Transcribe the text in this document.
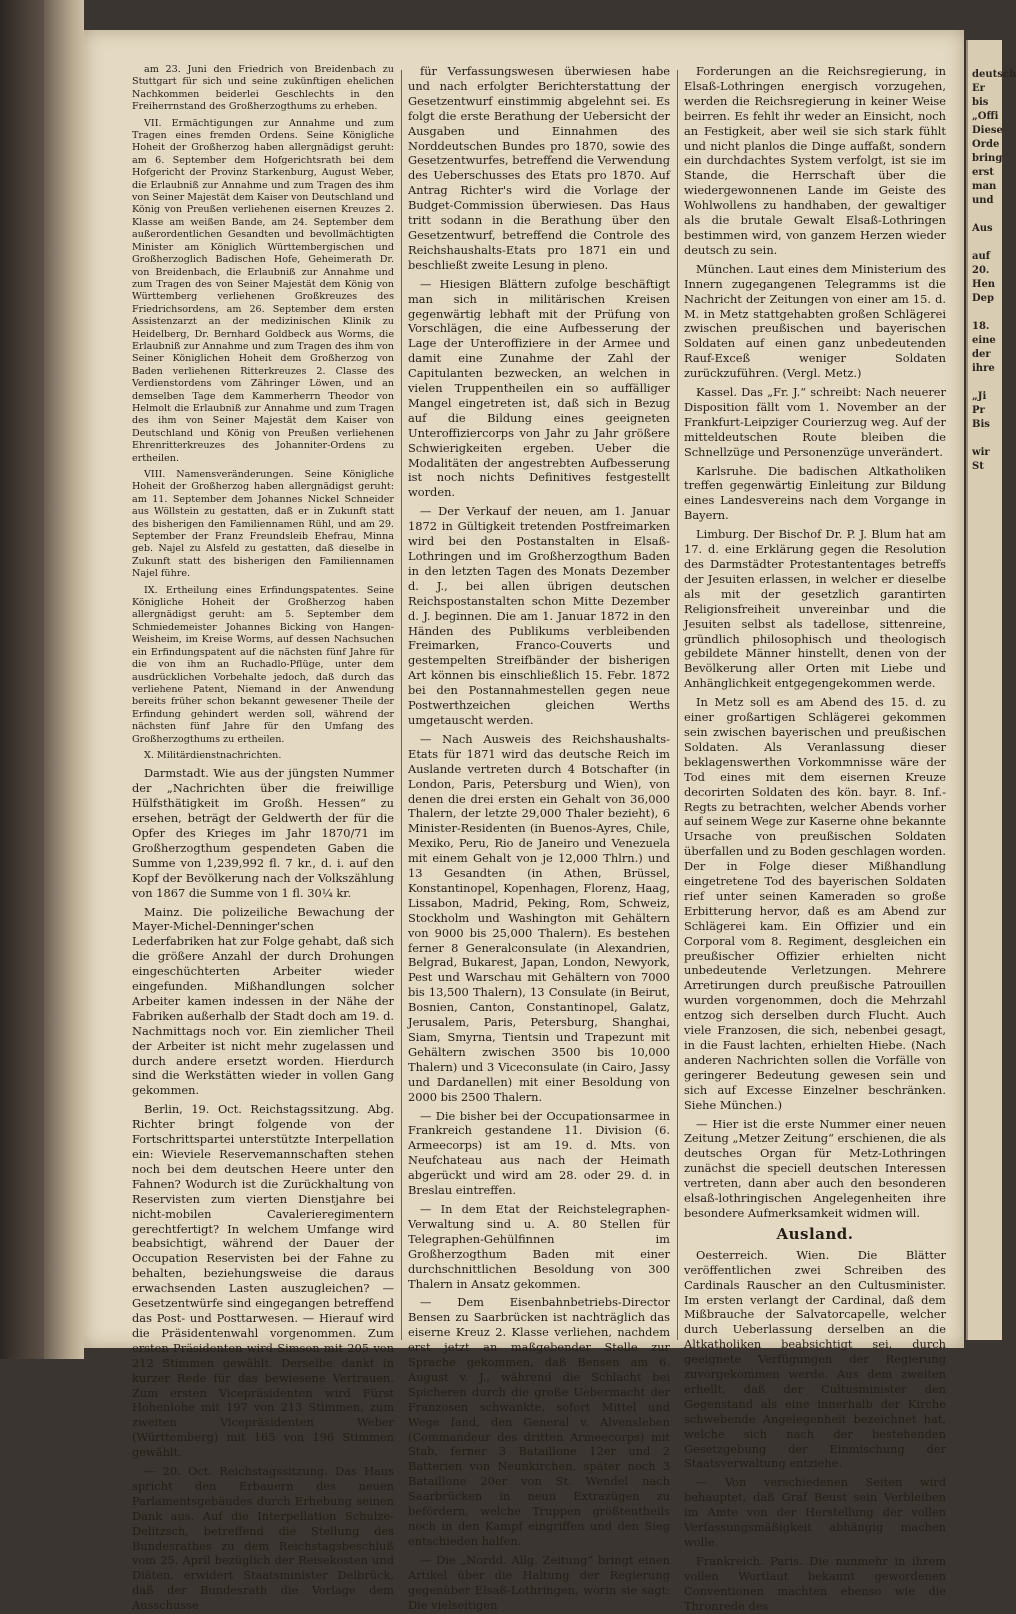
am 23. Juni den Friedrich von Breidenbach zu Stuttgart für sich und seine zukünftigen ehelichen Nachkommen beiderlei Geschlechts in den Freiherrnstand des Großherzogthums zu erheben.

VII. Ermächtigungen zur Annahme und zum Tragen eines fremden Ordens. Seine Königliche Hoheit der Großherzog haben allergnädigst geruht: am 6. September dem Hofgerichtsrath bei dem Hofgericht der Provinz Starkenburg, August Weber, die Erlaubniß zur Annahme und zum Tragen des ihm von Seiner Majestät dem Kaiser von Deutschland und König von Preußen verliehenen eisernen Kreuzes 2. Klasse am weißen Bande, am 24. September dem außerordentlichen Gesandten und bevollmächtigten Minister am Königlich Württembergischen und Großherzoglich Badischen Hofe, Geheimerath Dr. von Breidenbach, die Erlaubniß zur Annahme und zum Tragen des von Seiner Majestät dem König von Württemberg verliehenen Großkreuzes des Friedrichsordens, am 26. September dem ersten Assistenzarzt an der medizinischen Klinik zu Heidelberg, Dr. Bernhard Goldbeck aus Worms, die Erlaubniß zur Annahme und zum Tragen des ihm von Seiner Königlichen Hoheit dem Großherzog von Baden verliehenen Ritterkreuzes 2. Classe des Verdienstordens vom Zähringer Löwen, und an demselben Tage dem Kammerherrn Theodor von Helmolt die Erlaubniß zur Annahme und zum Tragen des ihm von Seiner Majestät dem Kaiser von Deutschland und König von Preußen verliehenen Ehrenritterkreuzes des Johanniter-Ordens zu ertheilen.

VIII. Namensveränderungen. Seine Königliche Hoheit der Großherzog haben allergnädigst geruht: am 11. September dem Johannes Nickel Schneider aus Wöllstein zu gestatten, daß er in Zukunft statt des bisherigen den Familiennamen Rühl, und am 29. September der Franz Freundsleib Ehefrau, Minna geb. Najel zu Alsfeld zu gestatten, daß dieselbe in Zukunft statt des bisherigen den Familiennamen Najel führe.

IX. Ertheilung eines Erfindungspatentes. Seine Königliche Hoheit der Großherzog haben allergnädigst geruht: am 5. September dem Schmiedemeister Johannes Bicking von Hangen-Weisheim, im Kreise Worms, auf dessen Nachsuchen ein Erfindungspatent auf die nächsten fünf Jahre für die von ihm an Ruchadlo-Pflüge, unter dem ausdrücklichen Vorbehalte jedoch, daß durch das verliehene Patent, Niemand in der Anwendung bereits früher schon bekannt gewesener Theile der Erfindung gehindert werden soll, während der nächsten fünf Jahre für den Umfang des Großherzogthums zu ertheilen.

X. Militärdienstnachrichten.

Darmstadt. Wie aus der jüngsten Nummer der „Nachrichten über die freiwillige Hülfsthätigkeit im Großh. Hessen“ zu ersehen, beträgt der Geldwerth der für die Opfer des Krieges im Jahr 1870/71 im Großherzogthum gespendeten Gaben die Summe von 1,239,992 fl. 7 kr., d. i. auf den Kopf der Bevölkerung nach der Volkszählung von 1867 die Summe von 1 fl. 30¼ kr.

Mainz. Die polizeiliche Bewachung der Mayer-Michel-Denninger'schen Lederfabriken hat zur Folge gehabt, daß sich die größere Anzahl der durch Drohungen eingeschüchterten Arbeiter wieder eingefunden. Mißhandlungen solcher Arbeiter kamen indessen in der Nähe der Fabriken außerhalb der Stadt doch am 19. d. Nachmittags noch vor. Ein ziemlicher Theil der Arbeiter ist nicht mehr zugelassen und durch andere ersetzt worden. Hierdurch sind die Werkstätten wieder in vollen Gang gekommen.

Berlin, 19. Oct. Reichstagssitzung. Abg. Richter bringt folgende von der Fortschrittspartei unterstützte Interpellation ein: Wieviele Reservemannschaften stehen noch bei dem deutschen Heere unter den Fahnen? Wodurch ist die Zurückhaltung von Reservisten zum vierten Dienstjahre bei nicht-mobilen Cavalerieregimentern gerechtfertigt? In welchem Umfange wird beabsichtigt, während der Dauer der Occupation Reservisten bei der Fahne zu behalten, beziehungsweise die daraus erwachsenden Lasten auszugleichen? — Gesetzentwürfe sind eingegangen betreffend das Post- und Posttarwesen. — Hierauf wird die Präsidentenwahl vorgenommen. Zum ersten Präsidenten wird Simson mit 205 von 212 Stimmen gewählt. Derselbe dankt in kurzer Rede für das bewiesene Vertrauen. Zum ersten Vicepräsidenten wird Fürst Hohenlohe mit 197 von 213 Stimmen, zum zweiten Vicepräsidenten Weber (Württemberg) mit 165 von 196 Stimmen gewählt.

— 20. Oct. Reichstagssitzung. Das Haus spricht den Erbauern des neuen Parlamentsgebäudes durch Erhebung seinen Dank aus. Auf die Interpellation Schulze-Delitzsch, betreffend die Stellung des Bundesrathes zu dem Reichstagsbeschluß vom 25. April bezüglich der Reisekosten und Diäten, erwidert Staatsminister Delbrück, daß der Bundesrath die Vorlage dem Ausschusse

für Verfassungswesen überwiesen habe und nach erfolgter Berichterstattung der Gesetzentwurf einstimmig abgelehnt sei. Es folgt die erste Berathung der Uebersicht der Ausgaben und Einnahmen des Norddeutschen Bundes pro 1870, sowie des Gesetzentwurfes, betreffend die Verwendung des Ueberschusses des Etats pro 1870. Auf Antrag Richter's wird die Vorlage der Budget-Commission überwiesen. Das Haus tritt sodann in die Berathung über den Gesetzentwurf, betreffend die Controle des Reichshaushalts-Etats pro 1871 ein und beschließt zweite Lesung in pleno.

— Hiesigen Blättern zufolge beschäftigt man sich in militärischen Kreisen gegenwärtig lebhaft mit der Prüfung von Vorschlägen, die eine Aufbesserung der Lage der Unteroffiziere in der Armee und damit eine Zunahme der Zahl der Capitulanten bezwecken, an welchen in vielen Truppentheilen ein so auffälliger Mangel eingetreten ist, daß sich in Bezug auf die Bildung eines geeigneten Unteroffiziercorps von Jahr zu Jahr größere Schwierigkeiten ergeben. Ueber die Modalitäten der angestrebten Aufbesserung ist noch nichts Definitives festgestellt worden.

— Der Verkauf der neuen, am 1. Januar 1872 in Gültigkeit tretenden Postfreimarken wird bei den Postanstalten in Elsaß-Lothringen und im Großherzogthum Baden in den letzten Tagen des Monats Dezember d. J., bei allen übrigen deutschen Reichspostanstalten schon Mitte Dezember d. J. beginnen. Die am 1. Januar 1872 in den Händen des Publikums verbleibenden Freimarken, Franco-Couverts und gestempelten Streifbänder der bisherigen Art können bis einschließlich 15. Febr. 1872 bei den Postannahmestellen gegen neue Postwerthzeichen gleichen Werths umgetauscht werden.

— Nach Ausweis des Reichshaushalts-Etats für 1871 wird das deutsche Reich im Auslande vertreten durch 4 Botschafter (in London, Paris, Petersburg und Wien), von denen die drei ersten ein Gehalt von 36,000 Thalern, der letzte 29,000 Thaler bezieht), 6 Minister-Residenten (in Buenos-Ayres, Chile, Mexiko, Peru, Rio de Janeiro und Venezuela mit einem Gehalt von je 12,000 Thlrn.) und 13 Gesandten (in Athen, Brüssel, Konstantinopel, Kopenhagen, Florenz, Haag, Lissabon, Madrid, Peking, Rom, Schweiz, Stockholm und Washington mit Gehältern von 9000 bis 25,000 Thalern). Es bestehen ferner 8 Generalconsulate (in Alexandrien, Belgrad, Bukarest, Japan, London, Newyork, Pest und Warschau mit Gehältern von 7000 bis 13,500 Thalern), 13 Consulate (in Beirut, Bosnien, Canton, Constantinopel, Galatz, Jerusalem, Paris, Petersburg, Shanghai, Siam, Smyrna, Tientsin und Trapezunt mit Gehältern zwischen 3500 bis 10,000 Thalern) und 3 Viceconsulate (in Cairo, Jassy und Dardanellen) mit einer Besoldung von 2000 bis 2500 Thalern.

— Die bisher bei der Occupationsarmee in Frankreich gestandene 11. Division (6. Armeecorps) ist am 19. d. Mts. von Neufchateau aus nach der Heimath abgerückt und wird am 28. oder 29. d. in Breslau eintreffen.

— In dem Etat der Reichstelegraphen-Verwaltung sind u. A. 80 Stellen für Telegraphen-Gehülfinnen im Großherzogthum Baden mit einer durchschnittlichen Besoldung von 300 Thalern in Ansatz gekommen.

— Dem Eisenbahnbetriebs-Director Bensen zu Saarbrücken ist nachträglich das eiserne Kreuz 2. Klasse verliehen, nachdem erst jetzt an maßgebender Stelle zur Sprache gekommen, daß Bensen am 6. August v. J., während die Schlacht bei Spicheren durch die große Uebermacht der Franzosen schwankte, sofort Mittel und Wege fand, den General v. Alvensleben (Commandeur des dritten Armeecorps) mit Stab, ferner 3 Bataillone 12er und 2 Batterien von Neunkirchen, später noch 3 Bataillone 20er von St. Wendel nach Saarbrücken in neun Extrazügen zu befördern, welche Truppen größtentheils noch in den Kampf eingriffen und den Sieg entschieden halfen.

— Die „Nordd. Allg. Zeitung“ bringt einen Artikel über die Haltung der Regierung gegenüber Elsaß-Lothringen, worin sie sagt: Die vielseitigen

Forderungen an die Reichsregierung, in Elsaß-Lothringen energisch vorzugehen, werden die Reichsregierung in keiner Weise beirren. Es fehlt ihr weder an Einsicht, noch an Festigkeit, aber weil sie sich stark fühlt und nicht planlos die Dinge auffaßt, sondern ein durchdachtes System verfolgt, ist sie im Stande, die Herrschaft über die wiedergewonnenen Lande im Geiste des Wohlwollens zu handhaben, der gewaltiger als die brutale Gewalt Elsaß-Lothringen bestimmen wird, von ganzem Herzen wieder deutsch zu sein.

München. Laut eines dem Ministerium des Innern zugegangenen Telegramms ist die Nachricht der Zeitungen von einer am 15. d. M. in Metz stattgehabten großen Schlägerei zwischen preußischen und bayerischen Soldaten auf einen ganz unbedeutenden Rauf-Exceß weniger Soldaten zurückzuführen. (Vergl. Metz.)

Kassel. Das „Fr. J.“ schreibt: Nach neuerer Disposition fällt vom 1. November an der Frankfurt-Leipziger Courierzug weg. Auf der mitteldeutschen Route bleiben die Schnellzüge und Personenzüge unverändert.

Karlsruhe. Die badischen Altkatholiken treffen gegenwärtig Einleitung zur Bildung eines Landesvereins nach dem Vorgange in Bayern.

Limburg. Der Bischof Dr. P. J. Blum hat am 17. d. eine Erklärung gegen die Resolution des Darmstädter Protestantentages betreffs der Jesuiten erlassen, in welcher er dieselbe als mit der gesetzlich garantirten Religionsfreiheit unvereinbar und die Jesuiten selbst als tadellose, sittenreine, gründlich philosophisch und theologisch gebildete Männer hinstellt, denen von der Bevölkerung aller Orten mit Liebe und Anhänglichkeit entgegengekommen werde.

In Metz soll es am Abend des 15. d. zu einer großartigen Schlägerei gekommen sein zwischen bayerischen und preußischen Soldaten. Als Veranlassung dieser beklagenswerthen Vorkommnisse wäre der Tod eines mit dem eisernen Kreuze decorirten Soldaten des kön. bayr. 8. Inf.-Regts zu betrachten, welcher Abends vorher auf seinem Wege zur Kaserne ohne bekannte Ursache von preußischen Soldaten überfallen und zu Boden geschlagen worden. Der in Folge dieser Mißhandlung eingetretene Tod des bayerischen Soldaten rief unter seinen Kameraden so große Erbitterung hervor, daß es am Abend zur Schlägerei kam. Ein Offizier und ein Corporal vom 8. Regiment, desgleichen ein preußischer Offizier erhielten nicht unbedeutende Verletzungen. Mehrere Arretirungen durch preußische Patrouillen wurden vorgenommen, doch die Mehrzahl entzog sich derselben durch Flucht. Auch viele Franzosen, die sich, nebenbei gesagt, in die Faust lachten, erhielten Hiebe. (Nach anderen Nachrichten sollen die Vorfälle von geringerer Bedeutung gewesen sein und sich auf Excesse Einzelner beschränken. Siehe München.)

— Hier ist die erste Nummer einer neuen Zeitung „Metzer Zeitung“ erschienen, die als deutsches Organ für Metz-Lothringen zunächst die speciell deutschen Interessen vertreten, dann aber auch den besonderen elsaß-lothringischen Angelegenheiten ihre besondere Aufmerksamkeit widmen will.

Ausland.

Oesterreich. Wien. Die Blätter veröffentlichen zwei Schreiben des Cardinals Rauscher an den Cultusminister. Im ersten verlangt der Cardinal, daß dem Mißbrauche der Salvatorcapelle, welcher durch Ueberlassung derselben an die Altkatholiken beabsichtigt sei, durch geeignete Verfügungen der Regierung zuvorgekommen werde. Aus dem zweiten erhellt, daß der Cultusminister den Gegenstand als eine innerhalb der Kirche schwebende Angelegenheit bezeichnet hat, welche sich nach der bestehenden Gesetzgebung der Einmischung der Staatsverwaltung entziehe.

— Von verschiedenen Seiten wird behauptet, daß Graf Beust sein Verbleiben im Amte von der Herstellung der vollen Verfassungsmäßigkeit abhängig machen wolle.

Frankreich. Paris. Die nunmehr in ihrem vollen Wortlaut bekannt gewordenen Conventionen machten ebenso wie die Thronrede des

deutsch
Er
bis
„Offi
Diese
Orde
bring
erst
man
und

Aus

auf
20.
Hen
Dep

18.
eine
der
ihre

„Ji
Pr
Bis

wir
St
